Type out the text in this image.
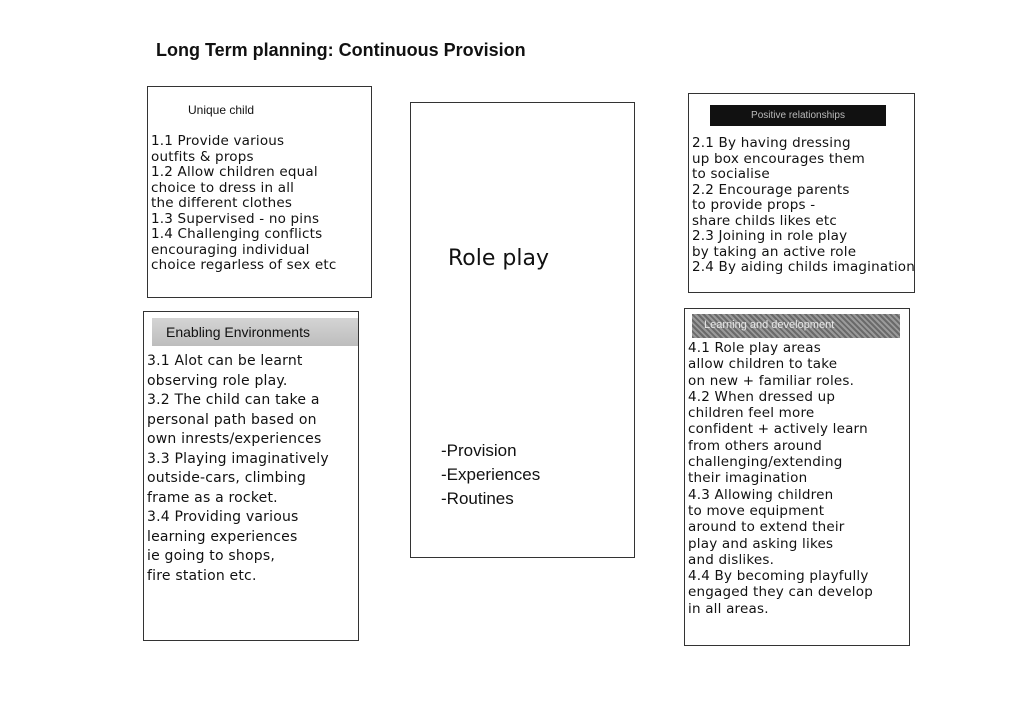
Long Term planning: Continuous Provision
Unique child
1.1 Provide various
outfits & props
1.2 Allow children equal
choice to dress in all
the different clothes
1.3 Supervised - no pins
1.4 Challenging conflicts
encouraging individual
choice regarless of sex etc
Enabling Environments
3.1 Alot can be learnt
observing role play.
3.2 The child can take a
personal path based on
own inrests/experiences
3.3 Playing imaginatively
outside-cars, climbing
frame as a rocket.
3.4 Providing various
learning experiences
ie going to shops,
fire station etc.
Role play
-Provision
-Experiences
-Routines
Positive relationships
2.1 By having dressing
up box encourages them
to socialise
2.2 Encourage parents
to provide props -
share childs likes etc
2.3 Joining in role play
by taking an active role
2.4 By aiding childs imagination
Learning and development
4.1 Role play areas
allow children to take
on new + familiar roles.
4.2 When dressed up
children feel more
confident + actively learn
from others around
challenging/extending
their imagination
4.3 Allowing children
to move equipment
around to extend their
play and asking likes
and dislikes.
4.4 By becoming playfully
engaged they can develop
in all areas.
